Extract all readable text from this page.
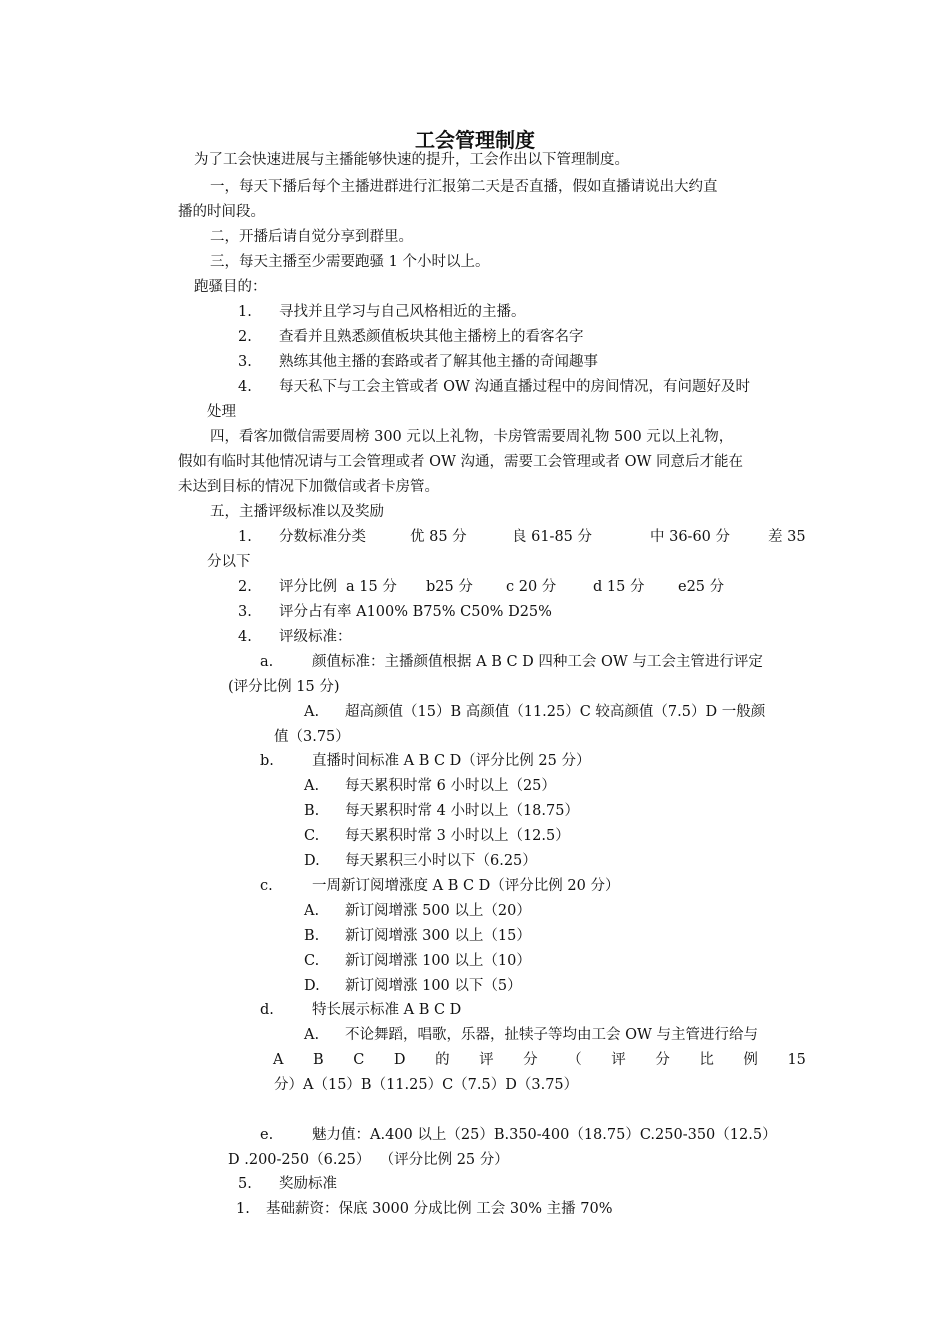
工会管理制度
为了工会快速进展与主播能够快速的提升，工会作出以下管理制度。
一，每天下播后每个主播进群进行汇报第二天是否直播，假如直播请说出大约直
播的时间段。
二，开播后请自觉分享到群里。
三，每天主播至少需要跑骚 1 个小时以上。
跑骚目的：
1. 寻找并且学习与自己风格相近的主播。
2. 查看并且熟悉颜值板块其他主播榜上的看客名字
3. 熟练其他主播的套路或者了解其他主播的奇闻趣事
4. 每天私下与工会主管或者 OW 沟通直播过程中的房间情况，有问题好及时
处理
四，看客加微信需要周榜 300 元以上礼物，卡房管需要周礼物 500 元以上礼物，
假如有临时其他情况请与工会管理或者 OW 沟通，需要工会管理或者 OW 同意后才能在
未达到目标的情况下加微信或者卡房管。
五，主播评级标准以及奖励
1. 分数标准分类	优 85 分	良 61-85 分	中 36-60 分	差 35
分以下
2. 评分比例 a 15 分 b25 分 c 20 分	d 15 分 e25 分
3. 评分占有率 A100% B75% C50% D25%
4. 评级标准：
a.	颜值标准：主播颜值根据 A B C D 四种工会 OW 与工会主管进行评定
(评分比例 15 分)
A. 超高颜值（15）B 高颜值（11.25）C 较高颜值（7.5）D 一般颜
值（3.75）
b.	直播时间标准 A B C D（评分比例 25 分）
A. 每天累积时常 6 小时以上（25）
B. 每天累积时常 4 小时以上（18.75）
C. 每天累积时常 3 小时以上（12.5）
D. 每天累积三小时以下（6.25）
c.	一周新订阅增涨度 A B C D（评分比例 20 分）
A. 新订阅增涨 500 以上（20）
B. 新订阅增涨 300 以上（15）
C. 新订阅增涨 100 以上（10）
D. 新订阅增涨 100 以下（5）
d.	特长展示标准 A B C D
A. 不论舞蹈，唱歌，乐器，扯犊子等均由工会 OW 与主管进行给与
A B C D 的 评 分 （ 评 分 比 例 15
分）A（15）B（11.25）C（7.5）D（3.75）
e.	魅力值：A.400 以上（25）B.350-400（18.75）C.250-350（12.5）
D .200-250（6.25）  （评分比例 25 分）
5. 奖励标准
1. 基础薪资：保底 3000 分成比例 工会 30% 主播 70%
